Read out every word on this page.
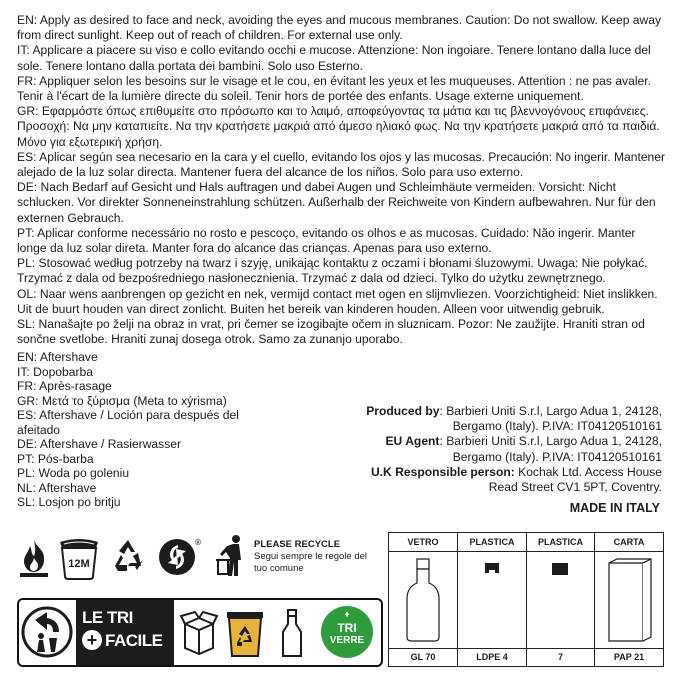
EN: Apply as desired to face and neck, avoiding the eyes and mucous membranes. Caution: Do not swallow. Keep away from direct sunlight. Keep out of reach of children. For external use only.

IT: Applicare a piacere su viso e collo evitando occhi e mucose. Attenzione: Non ingoiare. Tenere lontano dalla luce del sole. Tenere lontano dalla portata dei bambini. Solo uso Esterno.

FR: Appliquer selon les besoins sur le visage et le cou, en évitant les yeux et les muqueuses. Attention : ne pas avaler. Tenir à l'écart de la lumière directe du soleil. Tenir hors de portée des enfants. Usage externe uniquement.

GR: Εφαρμόστε όπως επιθυμείτε στο πρόσωπο και το λαιμό, αποφεύγοντας τα μάτια και τις βλεννογόνους επιφάνειες. Προσοχή: Να μην καταπιείτε. Να την κρατήσετε μακριά από άμεσο ηλιακό φως. Να την κρατήσετε μακριά από τα παιδιά. Μόνο για εξωτερική χρήση.

ES: Aplicar según sea necesario en la cara y el cuello, evitando los ojos y las mucosas. Precaución: No ingerir. Mantener alejado de la luz solar directa. Mantener fuera del alcance de los niños. Solo para uso externo.

DE: Nach Bedarf auf Gesicht und Hals auftragen und dabei Augen und Schleimhäute vermeiden. Vorsicht: Nicht schlucken. Vor direkter Sonneneinstrahlung schützen. Außerhalb der Reichweite von Kindern aufbewahren. Nur für den externen Gebrauch.

PT: Aplicar conforme necessário no rosto e pescoço, evitando os olhos e as mucosas. Cuidado: Não ingerir. Manter longe da luz solar direta. Manter fora do alcance das crianças. Apenas para uso externo.

PL: Stosować według potrzeby na twarz i szyję, unikając kontaktu z oczami i błonami śluzowymi. Uwaga: Nie połykać. Trzymać z dala od bezpośredniego nasłonecznienia. Trzymać z dala od dzieci. Tylko do użytku zewnętrznego.

OL: Naar wens aanbrengen op gezicht en nek, vermijd contact met ogen en slijmvliezen. Voorzichtigheid: Niet inslikken. Uit de buurt houden van direct zonlicht. Buiten het bereik van kinderen houden. Alleen voor uitwendig gebruik.

SL: Nanašajte po želji na obraz in vrat, pri čemer se izogibajte očem in sluznicam. Pozor: Ne zaužijte. Hraniti stran od sončne svetlobe. Hraniti zunaj dosega otrok. Samo za zunanjo uporabo.

EN: Aftershave

IT: Dopobarba

FR: Après-rasage

GR: Μετά το ξύρισμα (Meta to xýrisma)

ES: Aftershave / Loción para después del afeitado

DE: Aftershave / Rasierwasser

PT: Pós-barba

PL: Woda po goleniu

NL: Aftershave

SL: Losjon po britju

Produced by: Barbieri Uniti S.r.l, Largo Adua 1, 24128, Bergamo (Italy). P.IVA: IT04120510161

EU Agent: Barbieri Uniti S.r.l, Largo Adua 1, 24128, Bergamo (Italy). P.IVA: IT04120510161

U.K Responsible person: Kochak Ltd. Access House Read Street CV1 5PT, Coventry.

MADE IN ITALY
12M
®	PLEASE RECYCLE
Segui sempre le regole del tuo comune
LE TRI
+ FACILE
♦
TRI
VERRE
VETRO
GL 70
PLASTICA
LDPE 4
PLASTICA
7
CARTA
PAP 21
